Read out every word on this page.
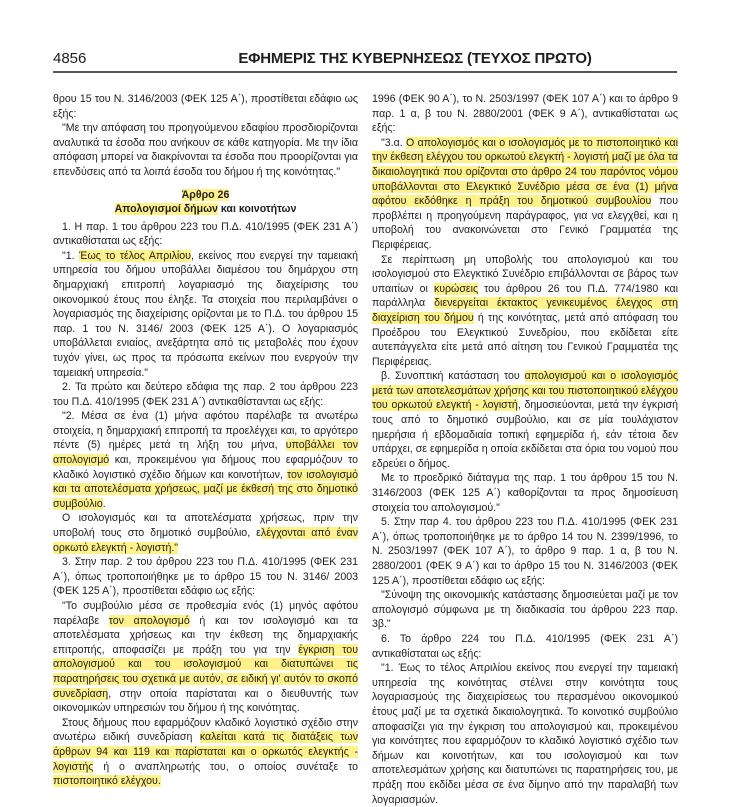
4856	ΕΦΗΜΕΡΙΣ ΤΗΣ ΚΥΒΕΡΝΗΣΕΩΣ (ΤΕΥΧΟΣ ΠΡΩΤΟ)

θρου 15 του Ν. 3146/2003 (ΦΕΚ 125 Α΄), προστίθεται εδάφιο ως εξής:

"Με την απόφαση του προηγούμενου εδαφίου προσδιορίζονται αναλυτικά τα έσοδα που ανήκουν σε κάθε κατηγορία. Με την ίδια απόφαση μπορεί να διακρίνονται τα έσοδα που προορίζονται για επενδύσεις από τα λοιπά έσοδα του δήμου ή της κοινότητας."

Άρθρο 26
Απολογισμοί δήμων και κοινοτήτων

1. Η παρ. 1 του άρθρου 223 του Π.Δ. 410/1995 (ΦΕΚ 231 Α΄) αντικαθίσταται ως εξής:

"1. Έως το τέλος Απριλίου, εκείνος που ενεργεί την ταμειακή υπηρεσία του δήμου υποβάλλει διαμέσου του δημάρχου στη δημαρχιακή επιτροπή λογαριασμό της διαχείρισης του οικονομικού έτους που έληξε. Τα στοιχεία που περιλαμβάνει ο λογαριασμός της διαχείρισης ορίζονται με το Π.Δ. του άρθρου 15 παρ. 1 του Ν. 3146/ 2003 (ΦΕΚ 125 Α΄). Ο λογαριασμός υποβάλλεται ενιαίος, ανεξάρτητα από τις μεταβολές που έχουν τυχόν γίνει, ως προς τα πρόσωπα εκείνων που ενεργούν την ταμειακή υπηρεσία."

2. Τα πρώτο και δεύτερο εδάφια της παρ. 2 του άρθρου 223 του Π.Δ. 410/1995 (ΦΕΚ 231 Α΄) αντικαθίστανται ως εξής:

"2. Μέσα σε ένα (1) μήνα αφότου παρέλαβε τα ανωτέρω στοιχεία, η δημαρχιακή επιτροπή τα προελέγχει και, το αργότερο πέντε (5) ημέρες μετά τη λήξη του μήνα, υποβάλλει τον απολογισμό και, προκειμένου για δήμους που εφαρμόζουν το κλαδικό λογιστικό σχέδιο δήμων και κοινοτήτων, τον ισολογισμό και τα αποτελέσματα χρήσεως, μαζί με έκθεσή της στο δημοτικό συμβούλιο.

Ο ισολογισμός και τα αποτελέσματα χρήσεως, πριν την υποβολή τους στο δημοτικό συμβούλιο, ελέγχονται από έναν ορκωτό ελεγκτή - λογιστή."

3. Στην παρ. 2 του άρθρου 223 του Π.Δ. 410/1995 (ΦΕΚ 231 Α΄), όπως τροποποιήθηκε με το άρθρο 15 του Ν. 3146/ 2003 (ΦΕΚ 125 Α΄), προστίθεται εδάφιο ως εξής:

"Το συμβούλιο μέσα σε προθεσμία ενός (1) μηνός αφότου παρέλαβε τον απολογισμό ή και τον ισολογισμό και τα αποτελέσματα χρήσεως και την έκθεση της δημαρχιακής επιτροπής, αποφασίζει με πράξη του για την έγκριση του απολογισμού και του ισολογισμού και διατυπώνει τις παρατηρήσεις του σχετικά με αυτόν, σε ειδική γι' αυτόν το σκοπό συνεδρίαση, στην οποία παρίσταται και ο διευθυντής των οικονομικών υπηρεσιών του δήμου ή της κοινότητας.

Στους δήμους που εφαρμόζουν κλαδικό λογιστικό σχέδιο στην ανωτέρω ειδική συνεδρίαση καλείται κατά τις διατάξεις των άρθρων 94 και 119 και παρίσταται και ο ορκωτός ελεγκτής - λογιστής ή ο αναπληρωτής του, ο οποίος συνέταξε το πιστοποιητικό ελέγχου.

1996 (ΦΕΚ 90 Α΄), το Ν. 2503/1997 (ΦΕΚ 107 Α΄) και το άρθρο 9 παρ. 1 α, β του Ν. 2880/2001 (ΦΕΚ 9 Α΄), αντικαθίσταται ως εξής:

"3.α. Ο απολογισμός και ο ισολογισμός με το πιστοποιητικό και την έκθεση ελέγχου του ορκωτού ελεγκτή - λογιστή μαζί με όλα τα δικαιολογητικά που ορίζονται στο άρθρο 24 του παρόντος νόμου υποβάλλονται στο Ελεγκτικό Συνέδριο μέσα σε ένα (1) μήνα αφότου εκδόθηκε η πράξη του δημοτικού συμβουλίου που προβλέπει η προηγούμενη παράγραφος, για να ελεγχθεί, και η υποβολή του ανακοινώνεται στο Γενικό Γραμματέα της Περιφέρειας.

Σε περίπτωση μη υποβολής του απολογισμού και του ισολογισμού στο Ελεγκτικό Συνέδριο επιβάλλονται σε βάρος των υπαιτίων οι κυρώσεις του άρθρου 26 του Π.Δ. 774/1980 και παράλληλα διενεργείται έκτακτος γενικευμένος έλεγχος στη διαχείριση του δήμου ή της κοινότητας, μετά από απόφαση του Προέδρου του Ελεγκτικού Συνεδρίου, που εκδίδεται είτε αυτεπάγγελτα είτε μετά από αίτηση του Γενικού Γραμματέα της Περιφέρειας.

β. Συνοπτική κατάσταση του απολογισμού και ο ισολογισμός μετά των αποτελεσμάτων χρήσης και του πιστοποιητικού ελέγχου του ορκωτού ελεγκτή - λογιστή, δημοσιεύονται, μετά την έγκρισή τους από το δημοτικό συμβούλιο, και σε μία τουλάχιστον ημερήσια ή εβδομαδιαία τοπική εφημερίδα ή, εάν τέτοια δεν υπάρχει, σε εφημερίδα η οποία εκδίδεται στα όρια του νομού που εδρεύει ο δήμος.

Με το προεδρικό διάταγμα της παρ. 1 του άρθρου 15 του Ν. 3146/2003 (ΦΕΚ 125 Α΄) καθορίζονται τα προς δημοσίευση στοιχεία του απολογισμού."

5. Στην παρ 4. του άρθρου 223 του Π.Δ. 410/1995 (ΦΕΚ 231 Α΄), όπως τροποποιήθηκε με το άρθρο 14 του Ν. 2399/1996, το Ν. 2503/1997 (ΦΕΚ 107 Α΄), το άρθρο 9 παρ. 1 α, β του Ν. 2880/2001 (ΦΕΚ 9 Α΄) και το άρθρο 15 του Ν. 3146/2003 (ΦΕΚ 125 Α΄), προστίθεται εδάφιο ως εξής:

"Σύνοψη της οικονομικής κατάστασης δημοσιεύεται μαζί με τον απολογισμό σύμφωνα με τη διαδικασία του άρθρου 223 παρ. 3β."

6. Το άρθρο 224 του Π.Δ. 410/1995 (ΦΕΚ 231 Α΄) αντικαθίσταται ως εξής:

"1. Έως το τέλος Απριλίου εκείνος που ενεργεί την ταμειακή υπηρεσία της κοινότητας στέλνει στην κοινότητα τους λογαριασμούς της διαχειρίσεως του περασμένου οικονομικού έτους μαζί με τα σχετικά δικαιολογητικά. Το κοινοτικό συμβούλιο αποφασίζει για την έγκριση του απολογισμού και, προκειμένου για κοινότητες που εφαρμόζουν το κλαδικό λογιστικό σχέδιο των δήμων και κοινοτήτων, και του ισολογισμού και των αποτελεσμάτων χρήσης και διατυπώνει τις παρατηρήσεις του, με πράξη που εκδίδει μέσα σε ένα δίμηνο από την παραλαβή των λογαριασμών.
